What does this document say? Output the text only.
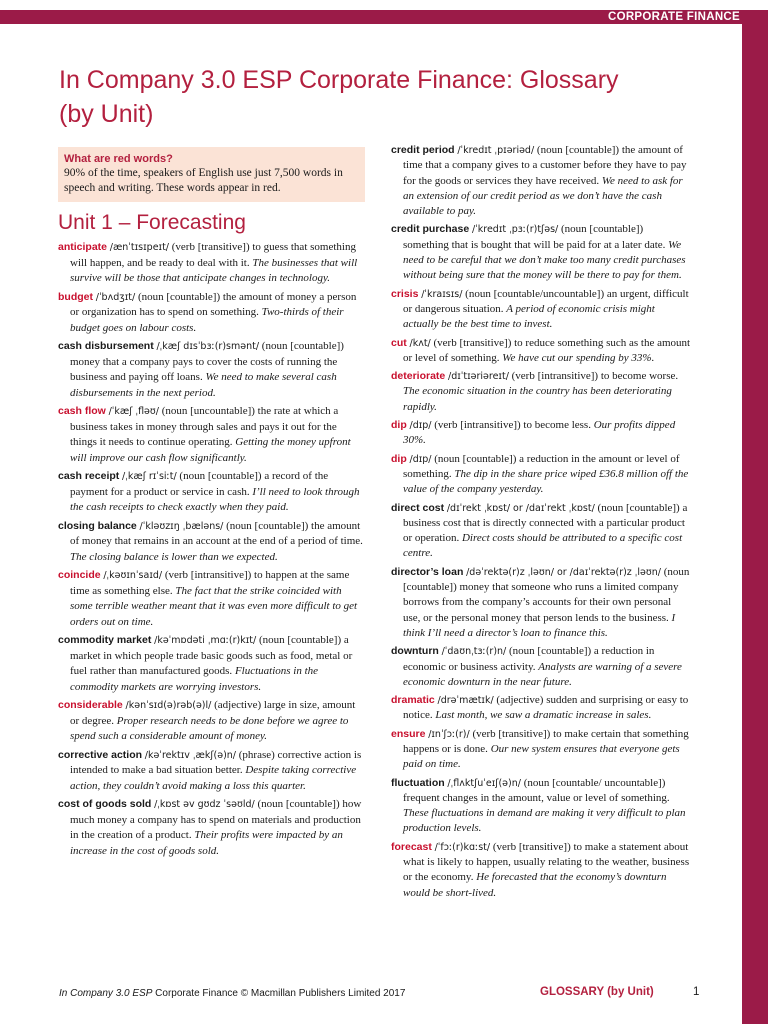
CORPORATE FINANCE
In Company 3.0 ESP Corporate Finance: Glossary (by Unit)
What are red words?
90% of the time, speakers of English use just 7,500 words in speech and writing. These words appear in red.
Unit 1 – Forecasting
anticipate /ænˈtɪsɪpeɪt/ (verb [transitive]) to guess that something will happen, and be ready to deal with it. The businesses that will survive will be those that anticipate changes in technology.
budget /ˈbʌdʒɪt/ (noun [countable]) the amount of money a person or organization has to spend on something. Two-thirds of their budget goes on labour costs.
cash disbursement /ˌkæʃ dɪsˈbɜː(r)smənt/ (noun [countable]) money that a company pays to cover the costs of running the business and paying off loans. We need to make several cash disbursements in the next period.
cash flow /ˈkæʃ ˌfləʊ/ (noun [uncountable]) the rate at which a business takes in money through sales and pays it out for the things it needs to continue operating. Getting the money upfront will improve our cash flow significantly.
cash receipt /ˌkæʃ rɪˈsiːt/ (noun [countable]) a record of the payment for a product or service in cash. I’ll need to look through the cash receipts to check exactly when they paid.
closing balance /ˈkləʊzɪŋ ˌbæləns/ (noun [countable]) the amount of money that remains in an account at the end of a period of time. The closing balance is lower than we expected.
coincide /ˌkəʊɪnˈsaɪd/ (verb [intransitive]) to happen at the same time as something else. The fact that the strike coincided with some terrible weather meant that it was even more difficult to get orders out on time.
commodity market /kəˈmɒdəti ˌmɑː(r)kɪt/ (noun [countable]) a market in which people trade basic goods such as food, metal or fuel rather than manufactured goods. Fluctuations in the commodity markets are worrying investors.
considerable /kənˈsɪd(ə)rəb(ə)l/ (adjective) large in size, amount or degree. Proper research needs to be done before we agree to spend such a considerable amount of money.
corrective action /kəˈrektɪv ˌækʃ(ə)n/ (phrase) corrective action is intended to make a bad situation better. Despite taking corrective action, they couldn’t avoid making a loss this quarter.
cost of goods sold /ˌkɒst əv gʊdz ˈsəʊld/ (noun [countable]) how much money a company has to spend on materials and production in the creation of a product. Their profits were impacted by an increase in the cost of goods sold.
credit period /ˈkredɪt ˌpɪəriəd/ (noun [countable]) the amount of time that a company gives to a customer before they have to pay for the goods or services they have received. We need to ask for an extension of our credit period as we don’t have the cash available to pay.
credit purchase /ˈkredɪt ˌpɜː(r)tʃəs/ (noun [countable]) something that is bought that will be paid for at a later date. We need to be careful that we don’t make too many credit purchases without being sure that the money will be there to pay for them.
crisis /ˈkraɪsɪs/ (noun [countable/uncountable]) an urgent, difficult or dangerous situation. A period of economic crisis might actually be the best time to invest.
cut /kʌt/ (verb [transitive]) to reduce something such as the amount or level of something. We have cut our spending by 33%.
deteriorate /dɪˈtɪəriəreɪt/ (verb [intransitive]) to become worse. The economic situation in the country has been deteriorating rapidly.
dip /dɪp/ (verb [intransitive]) to become less. Our profits dipped 30%.
dip /dɪp/ (noun [countable]) a reduction in the amount or level of something. The dip in the share price wiped £36.8 million off the value of the company yesterday.
direct cost /dɪˈrekt ˌkɒst/ or /daɪˈrekt ˌkɒst/ (noun [countable]) a business cost that is directly connected with a particular product or operation. Direct costs should be attributed to a specific cost centre.
director’s loan /dəˈrektə(r)z ˌləʊn/ or /daɪˈrektə(r)z ˌləʊn/ (noun [countable]) money that someone who runs a limited company borrows from the company’s accounts for their own personal use, or the personal money that person lends to the business. I think I’ll need a director’s loan to finance this.
downturn /ˈdaʊnˌtɜː(r)n/ (noun [countable]) a reduction in economic or business activity. Analysts are warning of a severe economic downturn in the near future.
dramatic /drəˈmætɪk/ (adjective) sudden and surprising or easy to notice. Last month, we saw a dramatic increase in sales.
ensure /ɪnˈʃɔː(r)/ (verb [transitive]) to make certain that something happens or is done. Our new system ensures that everyone gets paid on time.
fluctuation /ˌflʌktʃuˈeɪʃ(ə)n/ (noun [countable/ uncountable]) frequent changes in the amount, value or level of something. These fluctuations in demand are making it very difficult to plan production levels.
forecast /ˈfɔː(r)kɑːst/ (verb [transitive]) to make a statement about what is likely to happen, usually relating to the weather, business or the economy. He forecasted that the economy’s downturn would be short-lived.
In Company 3.0 ESP Corporate Finance © Macmillan Publishers Limited 2017	GLOSSARY (by Unit)	1
